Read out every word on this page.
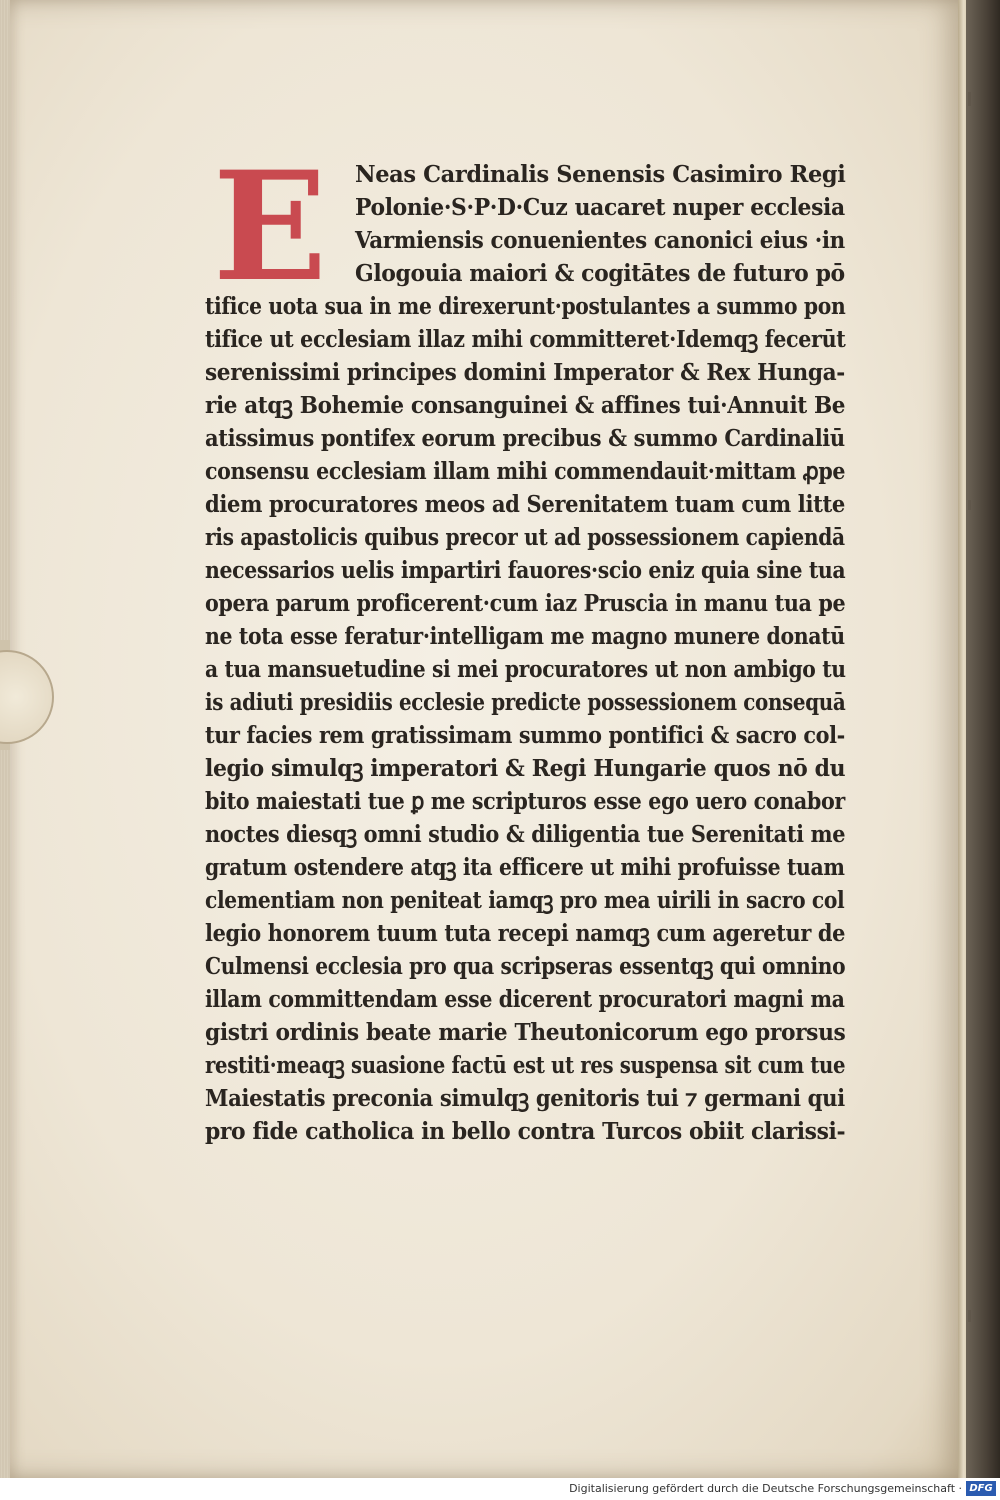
E	Neas Cardinalis Senensis Casimiro Regi
Polonie·S·P·D·Cuz uacaret nuper ecclesia
Varmiensis conuenientes canonici eius ·in
Glogouia maiori & cogitātes de futuro pō
tifice uota sua in me direxerunt·postulantes a summo pon
tifice ut ecclesiam illaz mihi committeret·Idemqꝫ fecerūt
serenissimi principes domini Imperator & Rex Hunga-
rie atqꝫ Bohemie consanguinei & affines tui·Annuit Be
atissimus pontifex eorum precibus & summo Cardinaliū
consensu ecclesiam illam mihi commendauit·mittam ꝓpe
diem procuratores meos ad Serenitatem tuam cum litte
ris apastolicis quibus precor ut ad possessionem capiendā
necessarios uelis impartiri fauores·scio eniz quia sine tua
opera parum proficerent·cum iaz Pruscia in manu tua pe
ne tota esse feratur·intelligam me magno munere donatū
a tua mansuetudine si mei procuratores ut non ambigo tu
is adiuti presidiis ecclesie predicte possessionem consequā
tur facies rem gratissimam summo pontifici & sacro col-
legio simulqꝫ imperatori & Regi Hungarie quos nō du
bito maiestati tue ꝑ me scripturos esse ego uero conabor
noctes diesqꝫ omni studio & diligentia tue Serenitati me
gratum ostendere atqꝫ ita efficere ut mihi profuisse tuam
clementiam non peniteat iamqꝫ pro mea uirili in sacro col
legio honorem tuum tuta recepi namqꝫ cum ageretur de
Culmensi ecclesia pro qua scripseras essentqꝫ qui omnino
illam committendam esse dicerent procuratori magni ma
gistri ordinis beate marie Theutonicorum ego prorsus
restiti·meaqꝫ suasione factū est ut res suspensa sit cum tue
Maiestatis preconia simulqꝫ genitoris tui ⁊ germani qui
pro fide catholica in bello contra Turcos obiit clarissi-
Digitalisierung gefördert durch die Deutsche Forschungsgemeinschaft · DFG
